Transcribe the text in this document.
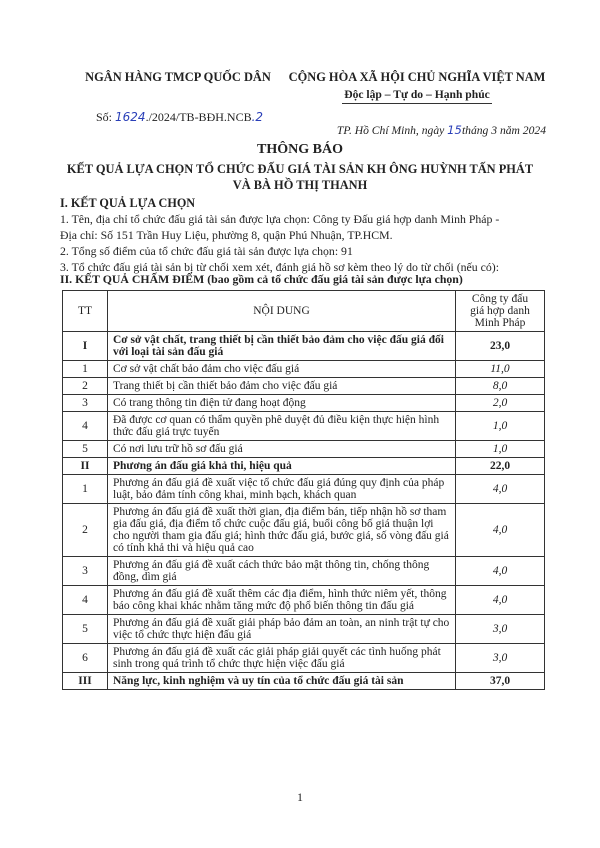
NGÂN HÀNG TMCP QUỐC DÂN
Số: 1624./2024/TB-BĐH.NCB.2
CỘNG HÒA XÃ HỘI CHỦ NGHĨA VIỆT NAM
Độc lập – Tự do – Hạnh phúc
TP. Hồ Chí Minh, ngày 15tháng 3 năm 2024
THÔNG BÁO
KẾT QUẢ LỰA CHỌN TỔ CHỨC ĐẤU GIÁ TÀI SẢN KH ÔNG HUỲNH TẤN PHÁT
VÀ BÀ HỒ THỊ THANH
I. KẾT QUẢ LỰA CHỌN
1. Tên, địa chỉ tổ chức đấu giá tài sản được lựa chọn: Công ty Đấu giá hợp danh Minh Pháp -
Địa chỉ: Số 151 Trần Huy Liệu, phường 8, quận Phú Nhuận, TP.HCM.
2. Tổng số điểm của tổ chức đấu giá tài sản được lựa chọn: 91
3. Tổ chức đấu giá tài sản bị từ chối xem xét, đánh giá hồ sơ kèm theo lý do từ chối (nếu có):
II. KẾT QUẢ CHẤM ĐIỂM (bao gồm cả tổ chức đấu giá tài sản được lựa chọn)
TT	NỘI DUNG	Công ty đấu
giá hợp danh
Minh Pháp

I	Cơ sở vật chất, trang thiết bị cần thiết bảo đảm cho việc đấu giá đối với loại tài sản đấu giá	23,0
1	Cơ sở vật chất bảo đảm cho việc đấu giá	11,0
2	Trang thiết bị cần thiết bảo đảm cho việc đấu giá	8,0
3	Có trang thông tin điện tử đang hoạt động	2,0
4	Đã được cơ quan có thẩm quyền phê duyệt đủ điều kiện thực hiện hình thức đấu giá trực tuyến	1,0
5	Có nơi lưu trữ hồ sơ đấu giá	1,0
II	Phương án đấu giá khả thi, hiệu quả	22,0
1	Phương án đấu giá đề xuất việc tổ chức đấu giá đúng quy định của pháp luật, bảo đảm tính công khai, minh bạch, khách quan	4,0
2	Phương án đấu giá đề xuất thời gian, địa điểm bán, tiếp nhận hồ sơ tham gia đấu giá, địa điểm tổ chức cuộc đấu giá, buổi công bố giá thuận lợi cho người tham gia đấu giá; hình thức đấu giá, bước giá, số vòng đấu giá có tính khả thi và hiệu quả cao	4,0
3	Phương án đấu giá đề xuất cách thức bảo mật thông tin, chống thông đồng, dìm giá	4,0
4	Phương án đấu giá đề xuất thêm các địa điểm, hình thức niêm yết, thông báo công khai khác nhằm tăng mức độ phổ biến thông tin đấu giá	4,0
5	Phương án đấu giá đề xuất giải pháp bảo đảm an toàn, an ninh trật tự cho việc tổ chức thực hiện đấu giá	3,0
6	Phương án đấu giá đề xuất các giải pháp giải quyết các tình huống phát sinh trong quá trình tổ chức thực hiện việc đấu giá	3,0
III	Năng lực, kinh nghiệm và uy tín của tổ chức đấu giá tài sản	37,0
1
